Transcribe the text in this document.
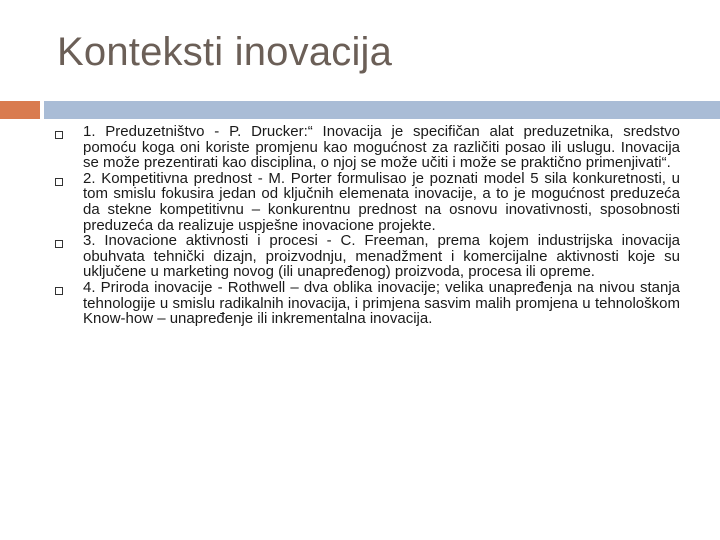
Konteksti inovacija
1. Preduzetništvo - P. Drucker:“ Inovacija je specifičan alat preduzetnika, sredstvo pomoću koga oni koriste promjenu kao mogućnost za različiti posao ili uslugu. Inovacija se može prezentirati kao disciplina, o njoj se može učiti i može se praktično primenjivati“.
2. Kompetitivna prednost - M. Porter formulisao je poznati model 5 sila konkuretnosti, u tom smislu fokusira jedan od ključnih elemenata inovacije, a to je mogućnost preduzeća da stekne kompetitivnu – konkurentnu prednost na osnovu inovativnosti, sposobnosti preduzeća da realizuje uspješne inovacione projekte.
3. Inovacione aktivnosti i procesi - C. Freeman, prema kojem industrijska inovacija obuhvata tehnički dizajn, proizvodnju, menadžment i komercijalne aktivnosti koje su uključene u marketing novog (ili unapređenog) proizvoda, procesa ili opreme.
4. Priroda inovacije - Rothwell – dva oblika inovacije; velika unapređenja na nivou stanja tehnologije u smislu radikalnih inovacija, i primjena sasvim malih promjena u tehnološkom Know-how – unapređenje ili inkrementalna inovacija.
